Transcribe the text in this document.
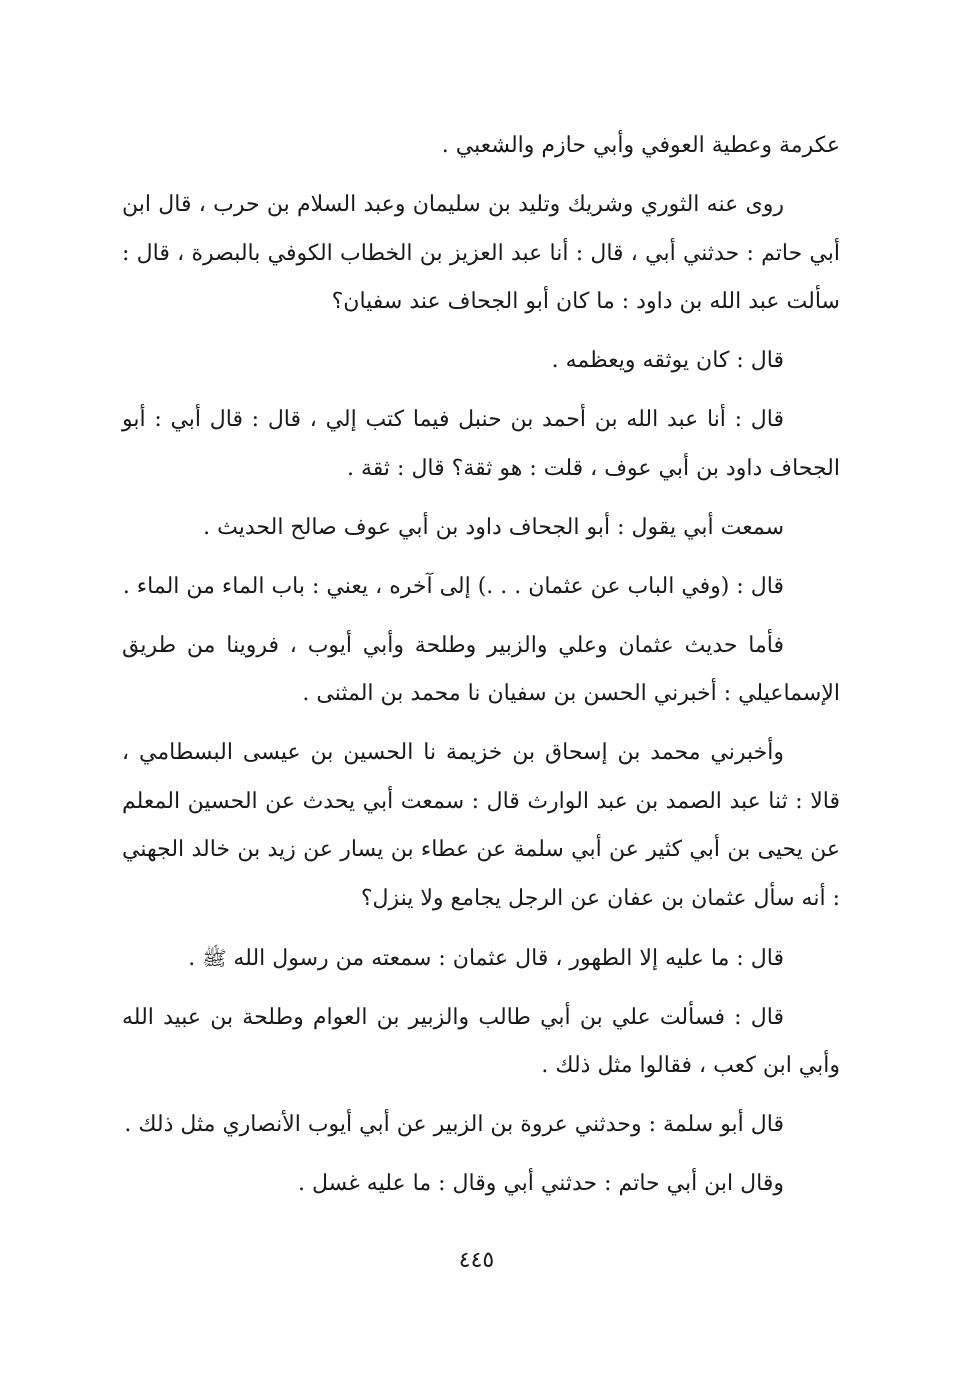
عكرمة وعطية العوفي وأبي حازم والشعبي .

روى عنه الثوري وشريك وتليد بن سليمان وعبد السلام بن حرب ، قال ابن أبي حاتم : حدثني أبي ، قال : أنا عبد العزيز بن الخطاب الكوفي بالبصرة ، قال : سألت عبد الله بن داود : ما كان أبو الجحاف عند سفيان؟

قال : كان يوثقه ويعظمه .

قال : أنا عبد الله بن أحمد بن حنبل فيما كتب إلي ، قال : قال أبي : أبو الجحاف داود بن أبي عوف ، قلت : هو ثقة؟ قال : ثقة .

سمعت أبي يقول : أبو الجحاف داود بن أبي عوف صالح الحديث .

قال : (وفي الباب عن عثمان . . .) إلى آخره ، يعني : باب الماء من الماء .

فأما حديث عثمان وعلي والزبير وطلحة وأبي أيوب ، فروينا من طريق الإسماعيلي : أخبرني الحسن بن سفيان نا محمد بن المثنى .

وأخبرني محمد بن إسحاق بن خزيمة نا الحسين بن عيسى البسطامي ، قالا : ثنا عبد الصمد بن عبد الوارث قال : سمعت أبي يحدث عن الحسين المعلم عن يحيى بن أبي كثير عن أبي سلمة عن عطاء بن يسار عن زيد بن خالد الجهني : أنه سأل عثمان بن عفان عن الرجل يجامع ولا ينزل؟

قال : ما عليه إلا الطهور ، قال عثمان : سمعته من رسول الله ﷺ .

قال : فسألت علي بن أبي طالب والزبير بن العوام وطلحة بن عبيد الله وأبي ابن كعب ، فقالوا مثل ذلك .

قال أبو سلمة : وحدثني عروة بن الزبير عن أبي أيوب الأنصاري مثل ذلك .

وقال ابن أبي حاتم : حدثني أبي وقال : ما عليه غسل .

٤٤٥
